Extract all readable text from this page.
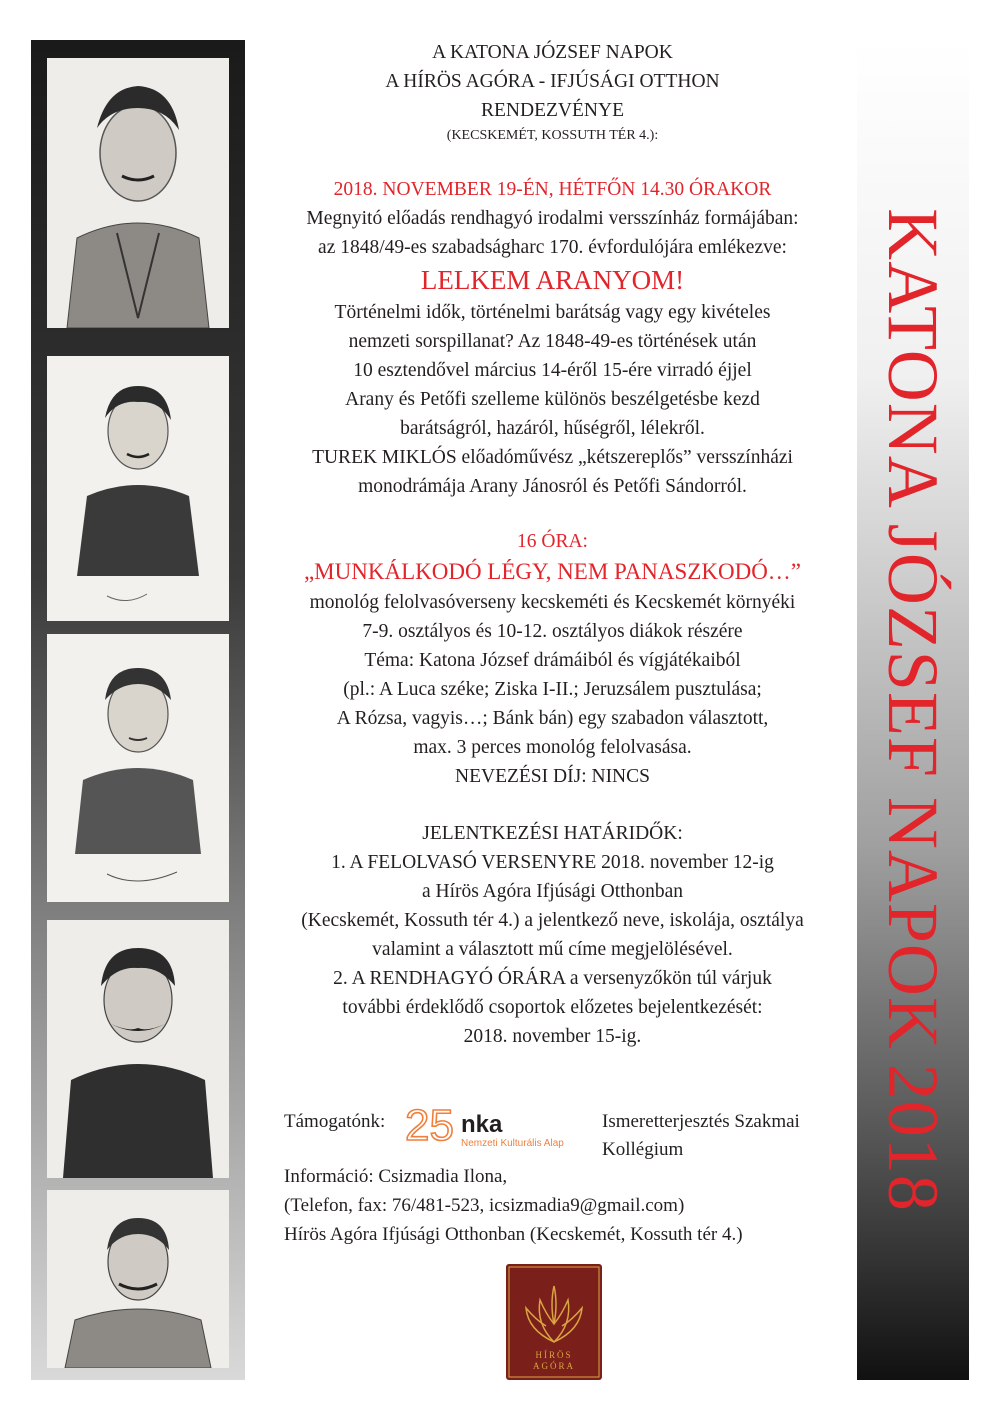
KATONA JÓZSEF NAPOK2018

A KATONA JÓZSEF NAPOK

A HÍRÖS AGÓRA - IFJÚSÁGI OTTHON

RENDEZVÉNYE

(KECSKEMÉT, KOSSUTH TÉR 4.):

2018. NOVEMBER 19-ÉN, HÉTFŐN 14.30 ÓRAKOR

Megnyitó előadás rendhagyó irodalmi versszínház formájában:

az 1848/49-es szabadságharc 170. évfordulójára emlékezve:

LELKEM ARANYOM!

Történelmi idők, történelmi barátság vagy egy kivételes

nemzeti sorspillanat? Az 1848-49-es történések után

10 esztendővel március 14-éről 15-ére virradó éjjel

Arany és Petőfi szelleme különös beszélgetésbe kezd

barátságról, hazáról, hűségről, lélekről.

TUREK MIKLÓS előadóművész „kétszereplős” versszínházi

monodrámája Arany Jánosról és Petőfi Sándorról.

16 ÓRA:

„MUNKÁLKODÓ LÉGY, NEM PANASZKODÓ…”

monológ felolvasóverseny kecskeméti és Kecskemét környéki

7-9. osztályos és 10-12. osztályos diákok részére

Téma: Katona József drámáiból és vígjátékaiból

(pl.: A Luca széke; Ziska I-II.; Jeruzsálem pusztulása;

A Rózsa, vagyis…; Bánk bán) egy szabadon választott,

max. 3 perces monológ felolvasása.

NEVEZÉSI DÍJ: NINCS

JELENTKEZÉSI HATÁRIDŐK:

1. A FELOLVASÓ VERSENYRE 2018. november 12-ig

a Hírös Agóra Ifjúsági Otthonban

(Kecskemét, Kossuth tér 4.) a jelentkező neve, iskolája, osztálya

valamint a választott mű címe megjelölésével.

2. A RENDHAGYÓ ÓRÁRA a versenyzőkön túl várjuk

további érdeklődő csoportok előzetes bejelentkezését:

2018. november 15-ig.

Támogatónk: 25 nka
Nemzeti Kulturális Alap
Ismeretterjesztés Szakmai
Kollégium
Információ: Csizmadia Ilona,
(Telefon, fax: 76/481-523, icsizmadia9@gmail.com)
Hírös Agóra Ifjúsági Otthonban (Kecskemét, Kossuth tér 4.)
HÍRÖS
AGÓRA
